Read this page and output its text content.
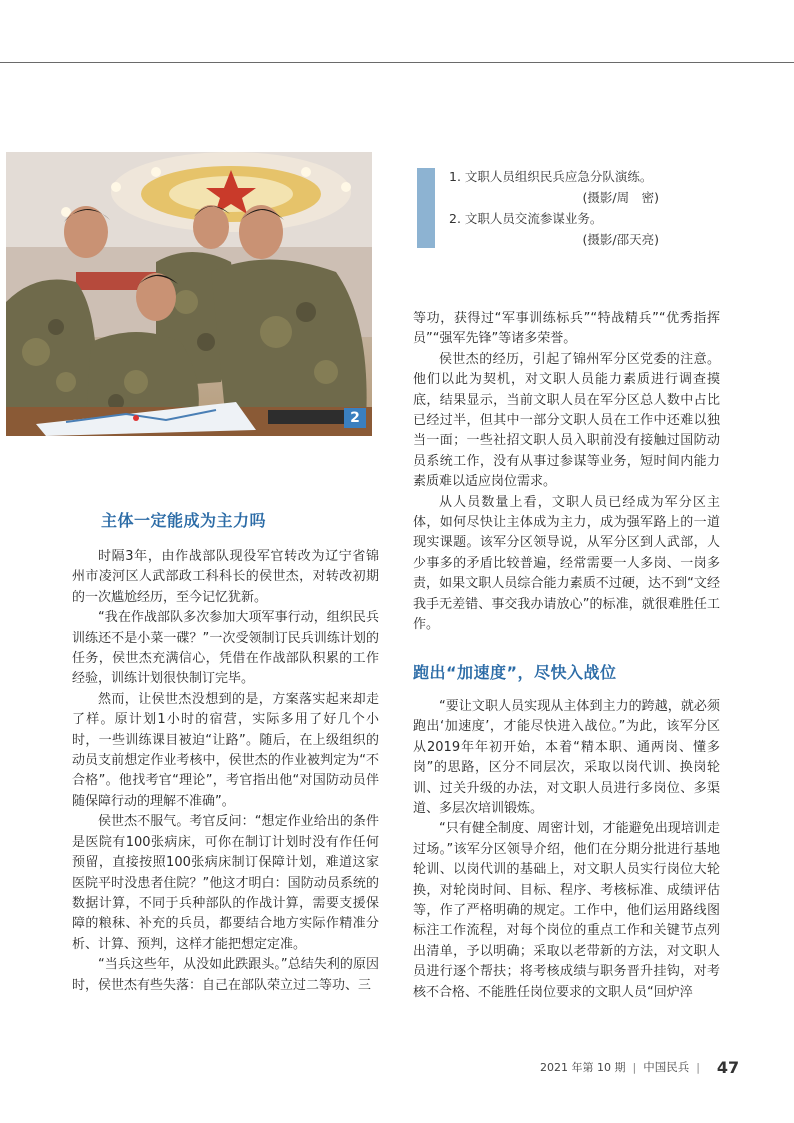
2
1. 文职人员组织民兵应急分队演练。
(摄影/周　密)
2. 文职人员交流参谋业务。
(摄影/邵天亮)
主体一定能成为主力吗
跑出“加速度”，尽快入战位

时隔3年，由作战部队现役军官转改为辽宁省锦州市凌河区人武部政工科科长的侯世杰，对转改初期的一次尴尬经历，至今记忆犹新。

“我在作战部队多次参加大项军事行动，组织民兵训练还不是小菜一碟？”一次受领制订民兵训练计划的任务，侯世杰充满信心，凭借在作战部队积累的工作经验，训练计划很快制订完毕。

然而，让侯世杰没想到的是，方案落实起来却走了样。原计划1小时的宿营，实际多用了好几个小时，一些训练课目被迫“让路”。随后，在上级组织的动员支前想定作业考核中，侯世杰的作业被判定为“不合格”。他找考官“理论”，考官指出他“对国防动员伴随保障行动的理解不准确”。

侯世杰不服气。考官反问：“想定作业给出的条件是医院有100张病床，可你在制订计划时没有作任何预留，直接按照100张病床制订保障计划，难道这家医院平时没患者住院？”他这才明白：国防动员系统的数据计算，不同于兵种部队的作战计算，需要支援保障的粮秣、补充的兵员，都要结合地方实际作精准分析、计算、预判，这样才能把想定定准。

“当兵这些年，从没如此跌跟头。”总结失利的原因时，侯世杰有些失落：自己在部队荣立过二等功、三

等功，获得过“军事训练标兵”“特战精兵”“优秀指挥员”“强军先锋”等诸多荣誉。

侯世杰的经历，引起了锦州军分区党委的注意。他们以此为契机，对文职人员能力素质进行调查摸底，结果显示，当前文职人员在军分区总人数中占比已经过半，但其中一部分文职人员在工作中还难以独当一面；一些社招文职人员入职前没有接触过国防动员系统工作，没有从事过参谋等业务，短时间内能力素质难以适应岗位需求。

从人员数量上看，文职人员已经成为军分区主体，如何尽快让主体成为主力，成为强军路上的一道现实课题。该军分区领导说，从军分区到人武部，人少事多的矛盾比较普遍，经常需要一人多岗、一岗多责，如果文职人员综合能力素质不过硬，达不到“文经我手无差错、事交我办请放心”的标准，就很难胜任工作。

“要让文职人员实现从主体到主力的跨越，就必须跑出‘加速度’，才能尽快进入战位。”为此，该军分区从2019年年初开始，本着“精本职、通两岗、懂多岗”的思路，区分不同层次，采取以岗代训、换岗轮训、过关升级的办法，对文职人员进行多岗位、多渠道、多层次培训锻炼。

“只有健全制度、周密计划，才能避免出现培训走过场。”该军分区领导介绍，他们在分期分批进行基地轮训、以岗代训的基础上，对文职人员实行岗位大轮换，对轮岗时间、目标、程序、考核标准、成绩评估等，作了严格明确的规定。工作中，他们运用路线图标注工作流程，对每个岗位的重点工作和关键节点列出清单，予以明确；采取以老带新的方法，对文职人员进行逐个帮扶；将考核成绩与职务晋升挂钩，对考核不合格、不能胜任岗位要求的文职人员“回炉淬

2021 年第 10 期 | 中国民兵 | 47
